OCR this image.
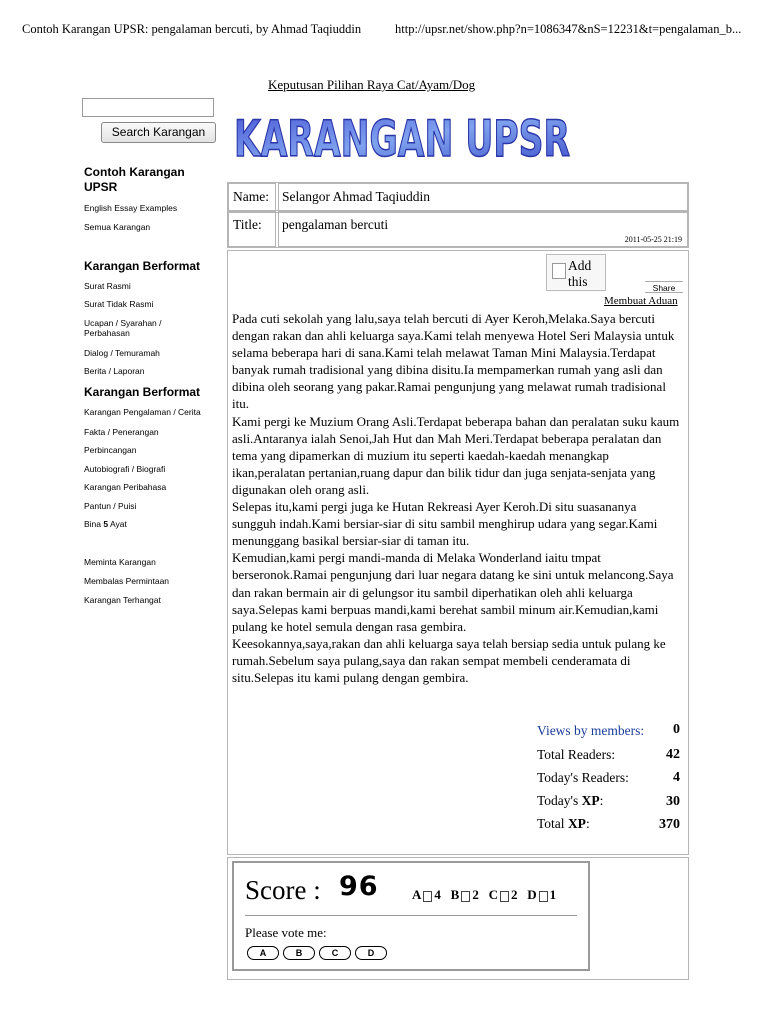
Contoh Karangan UPSR: pengalaman bercuti, by Ahmad Taqiuddin	http://upsr.net/show.php?n=1086347&nS=12231&t=pengalaman_b...
Keputusan Pilihan Raya Cat/Ayam/Dog
Search Karangan
Contoh Karangan UPSR
English Essay Examples
Semua Karangan
Karangan Berformat
Surat Rasmi
Surat Tidak Rasmi
Ucapan / Syarahan / Perbahasan
Dialog / Temuramah
Berita / Laporan
Karangan Berformat
Karangan Pengalaman / Cerita
Fakta / Penerangan
Perbincangan
Autobiografi / Biografi
Karangan Peribahasa
Pantun / Puisi
Bina 5 Ayat
Meminta Karangan
Membalas Permintaan
Karangan Terhangat
KARANGAN UPSR
Name: Selangor Ahmad Taqiuddin
Title:	pengalaman bercuti
2011-05-25 21:19
Add this	Share
Membuat Aduan
Pada cuti sekolah yang lalu,saya telah bercuti di Ayer Keroh,Melaka.Saya bercuti dengan rakan dan ahli keluarga saya.Kami telah menyewa Hotel Seri Malaysia untuk selama beberapa hari di sana.Kami telah melawat Taman Mini Malaysia.Terdapat banyak rumah tradisional yang dibina disitu.Ia mempamerkan rumah yang asli dan dibina oleh seorang yang pakar.Ramai pengunjung yang melawat rumah tradisional itu.
Kami pergi ke Muzium Orang Asli.Terdapat beberapa bahan dan peralatan suku kaum asli.Antaranya ialah Senoi,Jah Hut dan Mah Meri.Terdapat beberapa peralatan dan tema yang dipamerkan di muzium itu seperti kaedah-kaedah menangkap ikan,peralatan pertanian,ruang dapur dan bilik tidur dan juga senjata-senjata yang digunakan oleh orang asli.
Selepas itu,kami pergi juga ke Hutan Rekreasi Ayer Keroh.Di situ suasananya sungguh indah.Kami bersiar-siar di situ sambil menghirup udara yang segar.Kami menunggang basikal bersiar-siar di taman itu.
Kemudian,kami pergi mandi-manda di Melaka Wonderland iaitu tmpat berseronok.Ramai pengunjung dari luar negara datang ke sini untuk melancong.Saya dan rakan bermain air di gelungsor itu sambil diperhatikan oleh ahli keluarga saya.Selepas kami berpuas mandi,kami berehat sambil minum air.Kemudian,kami pulang ke hotel semula dengan rasa gembira.
Keesokannya,saya,rakan dan ahli keluarga saya telah bersiap sedia untuk pulang ke rumah.Sebelum saya pulang,saya dan rakan sempat membeli cenderamata di situ.Selepas itu kami pulang dengan gembira.
Views by members: 0
Total Readers:	42
Today's Readers:	4
Today's XP:	30
Total XP:	370
Score : 96	A 4 B 2 C 2 D 1
Please vote me:
A	B	C	D
